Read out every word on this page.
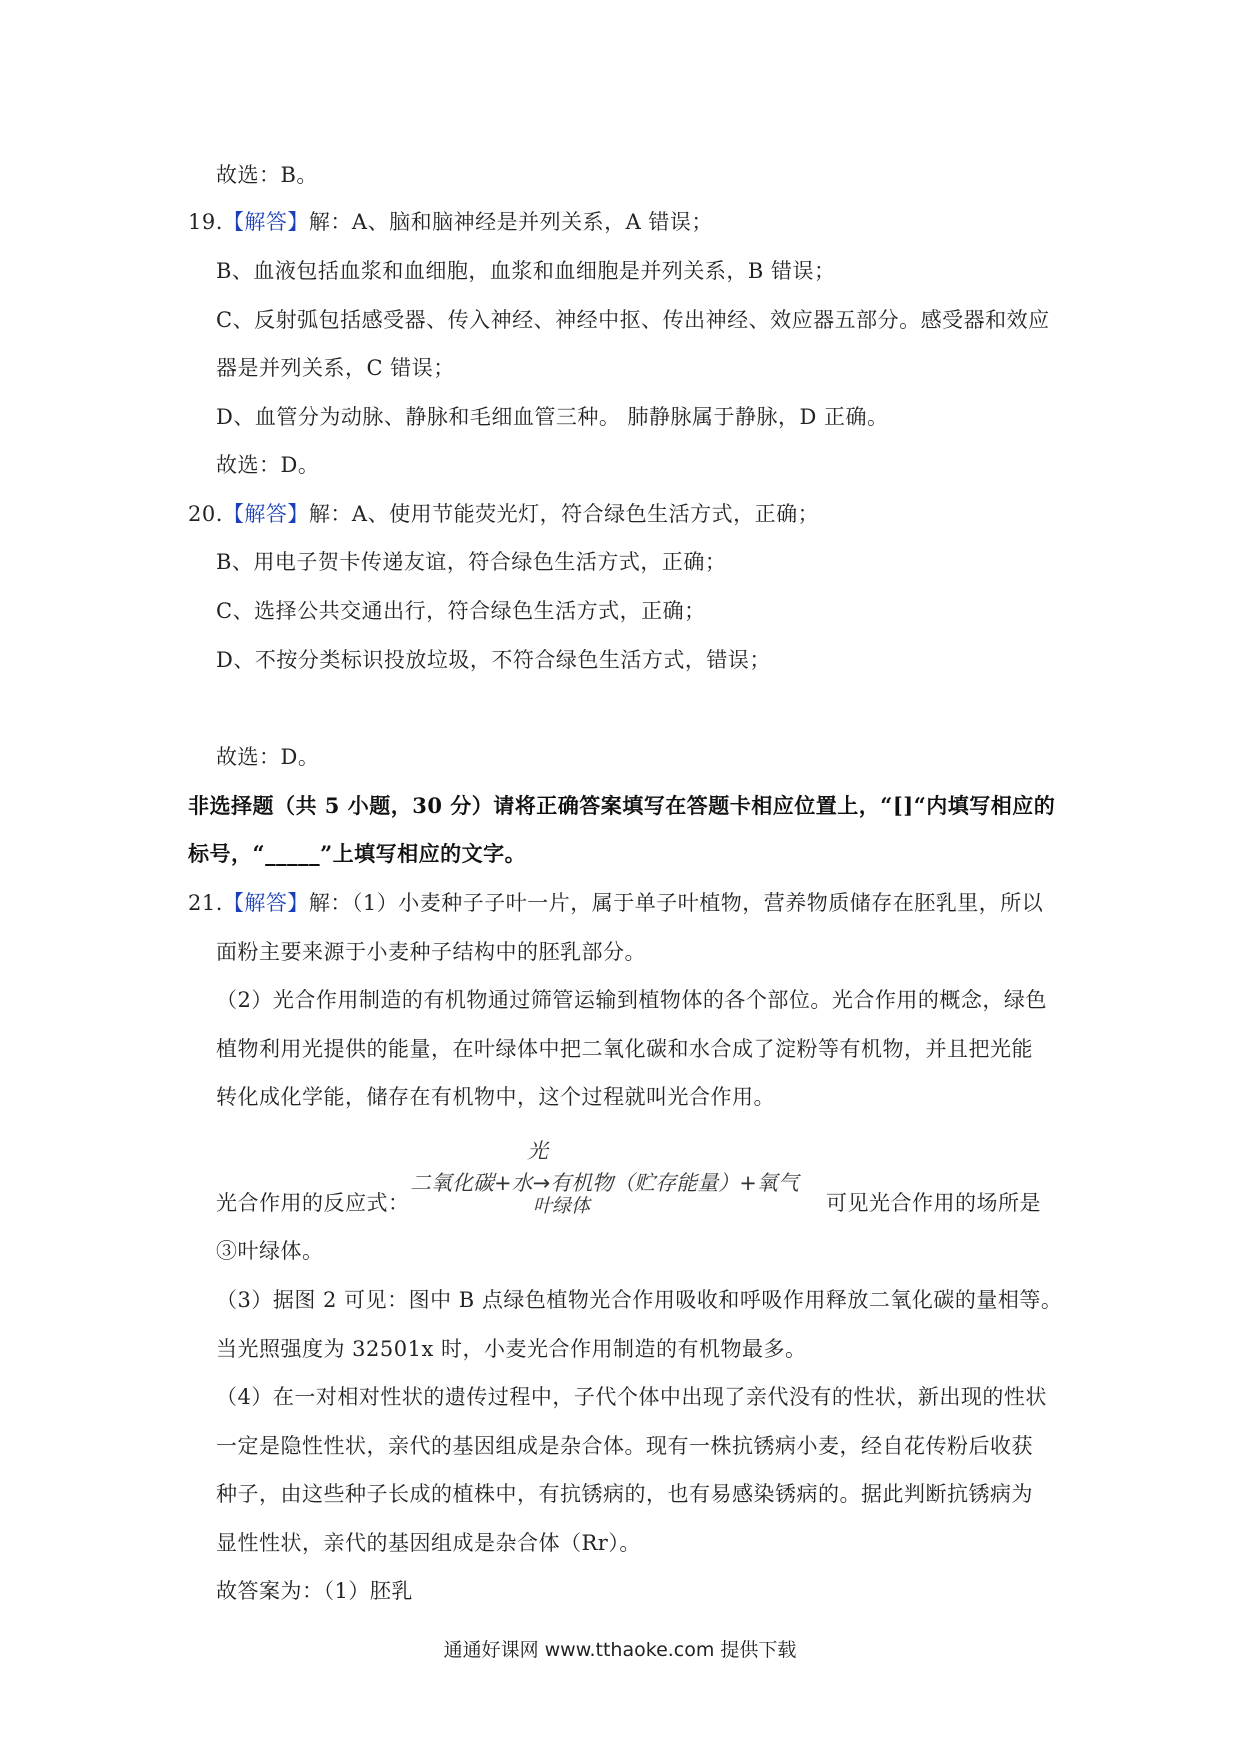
故选：B。
19.【解答】解：A、脑和脑神经是并列关系，A 错误；
B、血液包括血浆和血细胞，血浆和血细胞是并列关系，B 错误；
C、反射弧包括感受器、传入神经、神经中抠、传出神经、效应器五部分。感受器和效应
器是并列关系，C 错误；
D、血管分为动脉、静脉和毛细血管三种。 肺静脉属于静脉，D 正确。
故选：D。
20.【解答】解：A、使用节能荧光灯，符合绿色生活方式，正确；
B、用电子贺卡传递友谊，符合绿色生活方式，正确；
C、选择公共交通出行，符合绿色生活方式，正确；
D、不按分类标识投放垃圾，不符合绿色生活方式，错误；
故选：D。
非选择题（共 5 小题，30 分）请将正确答案填写在答题卡相应位置上，“[]“内填写相应的
标号，“_____”上填写相应的文字。
21.【解答】解：（1）小麦种子子叶一片，属于单子叶植物，营养物质储存在胚乳里，所以
面粉主要来源于小麦种子结构中的胚乳部分。
（2）光合作用制造的有机物通过筛管运输到植物体的各个部位。光合作用的概念，绿色
植物利用光提供的能量，在叶绿体中把二氧化碳和水合成了淀粉等有机物，并且把光能
转化成化学能，储存在有机物中，这个过程就叫光合作用。
光
二氧化碳+水→有机物（贮存能量）+氧气
叶绿体
光合作用的反应式：	可见光合作用的场所是
③叶绿体。
（3）据图 2 可见：图中 B 点绿色植物光合作用吸收和呼吸作用释放二氧化碳的量相等。
当光照强度为 32501x 时，小麦光合作用制造的有机物最多。
（4）在一对相对性状的遗传过程中，子代个体中出现了亲代没有的性状，新出现的性状
一定是隐性性状，亲代的基因组成是杂合体。现有一株抗锈病小麦，经自花传粉后收获
种子，由这些种子长成的植株中，有抗锈病的，也有易感染锈病的。据此判断抗锈病为
显性性状，亲代的基因组成是杂合体（Rr）。
故答案为：（1）胚乳
通通好课网 www.tthaoke.com 提供下载
